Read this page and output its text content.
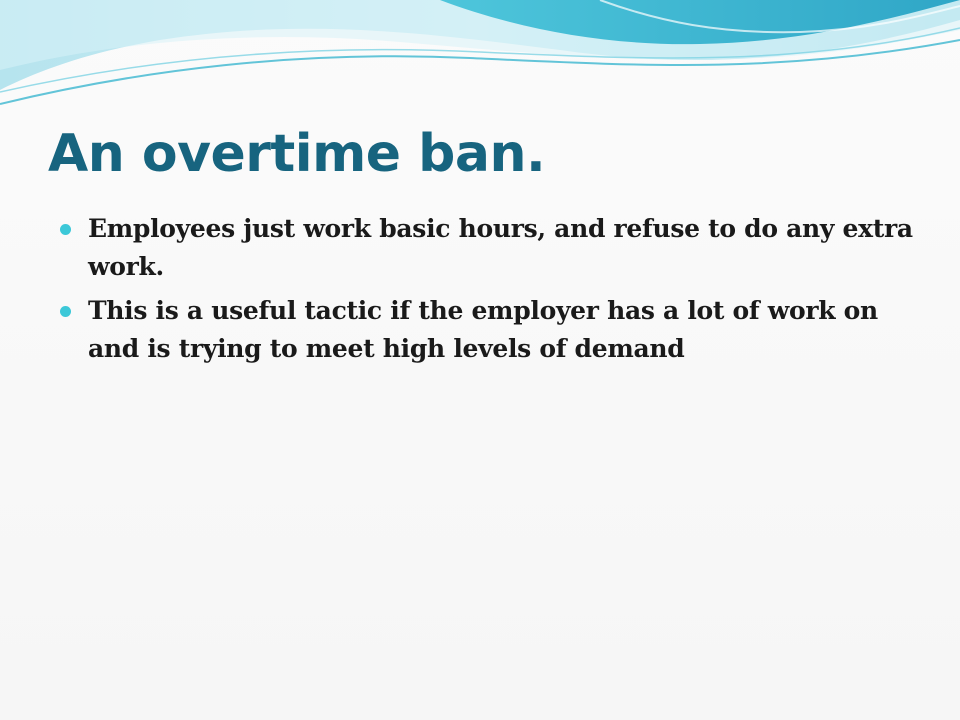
An overtime ban.
Employees just work basic hours, and refuse to do any extra work.
This is a useful tactic if the employer has a lot of work on and is trying to meet high levels of demand
